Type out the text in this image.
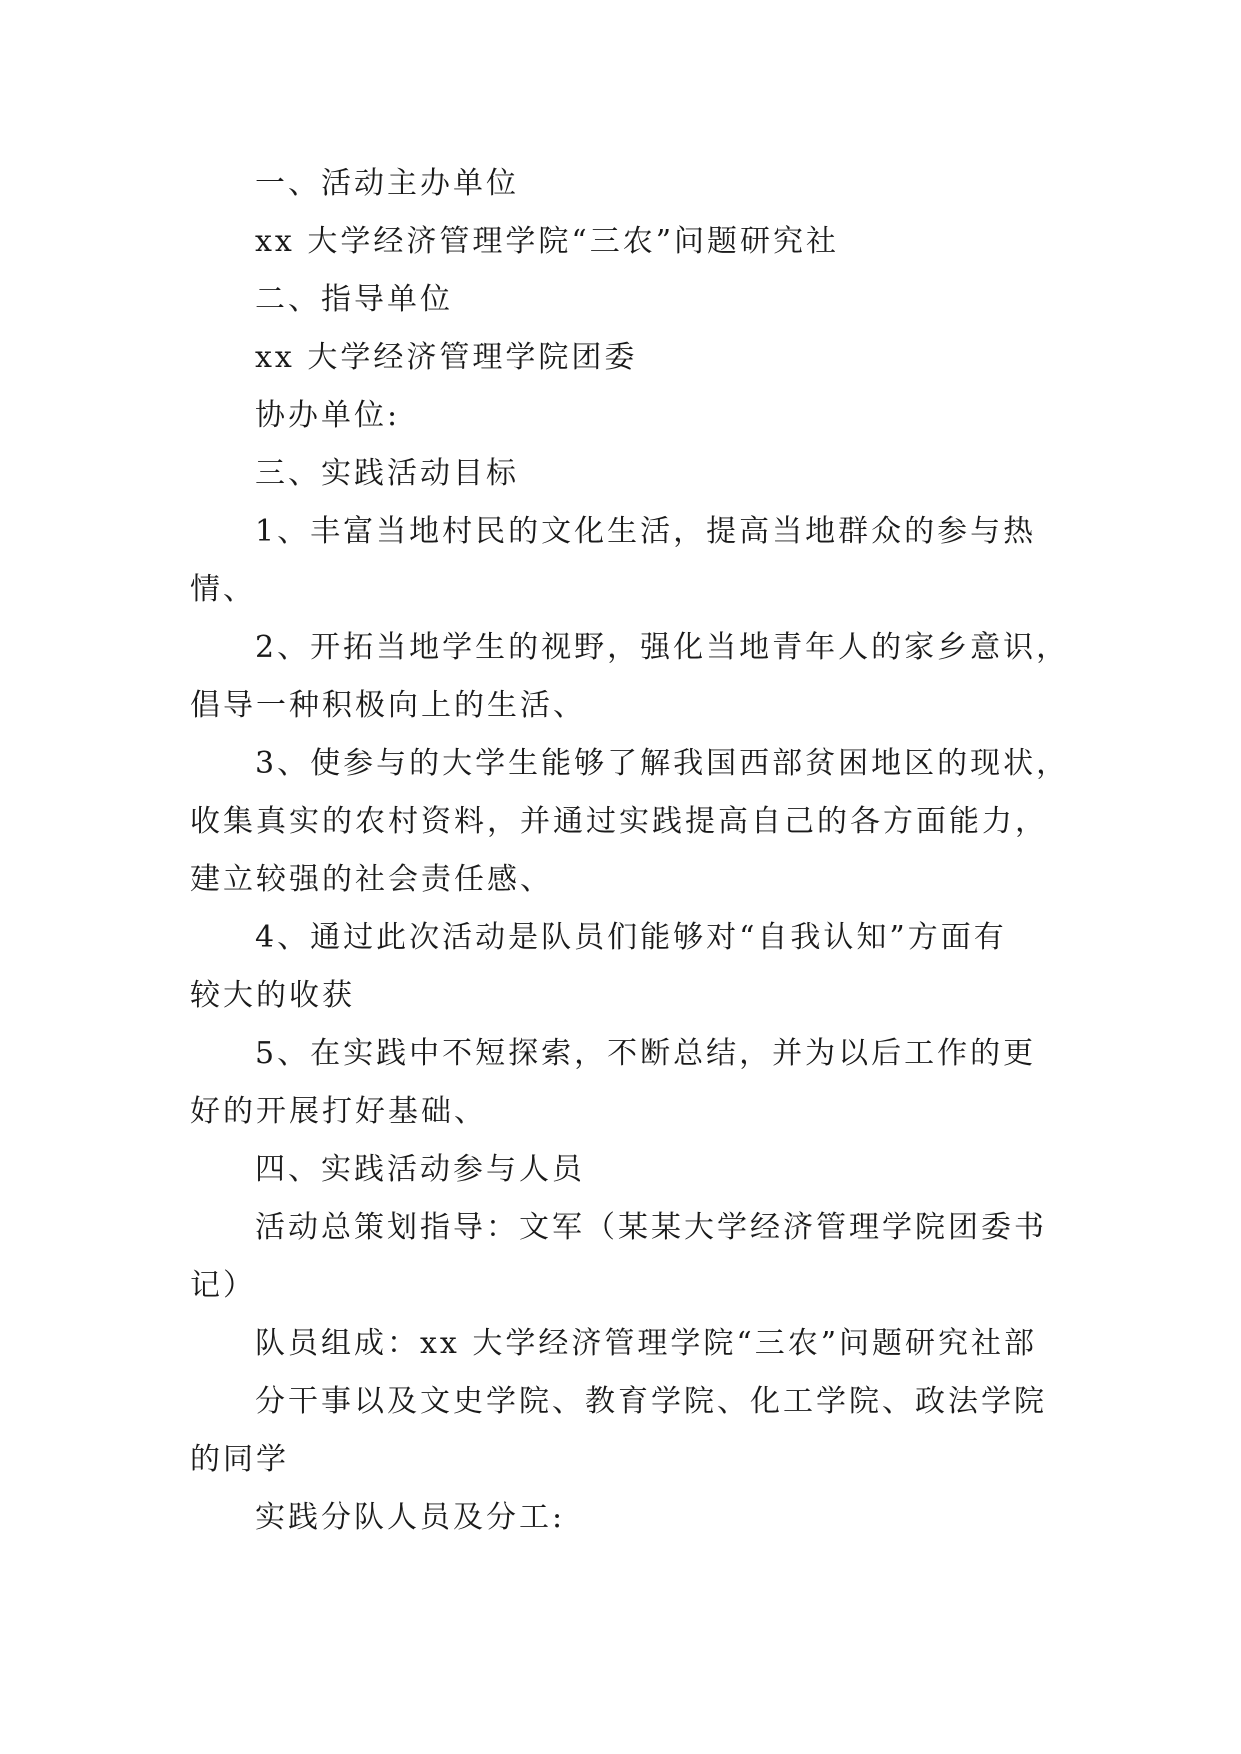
一、活动主办单位
xx 大学经济管理学院“三农”问题研究社
二、指导单位
xx 大学经济管理学院团委
协办单位:
三、实践活动目标
1、丰富当地村民的文化生活，提高当地群众的参与热
情、
2、开拓当地学生的视野，强化当地青年人的家乡意识，
倡导一种积极向上的生活、
3、使参与的大学生能够了解我国西部贫困地区的现状，
收集真实的农村资料，并通过实践提高自己的各方面能力，
建立较强的社会责任感、
4、通过此次活动是队员们能够对“自我认知”方面有
较大的收获
5、在实践中不短探索，不断总结，并为以后工作的更
好的开展打好基础、
四、实践活动参与人员
活动总策划指导：文军（某某大学经济管理学院团委书
记）
队员组成：xx 大学经济管理学院“三农”问题研究社部
分干事以及文史学院、教育学院、化工学院、政法学院
的同学
实践分队人员及分工:
